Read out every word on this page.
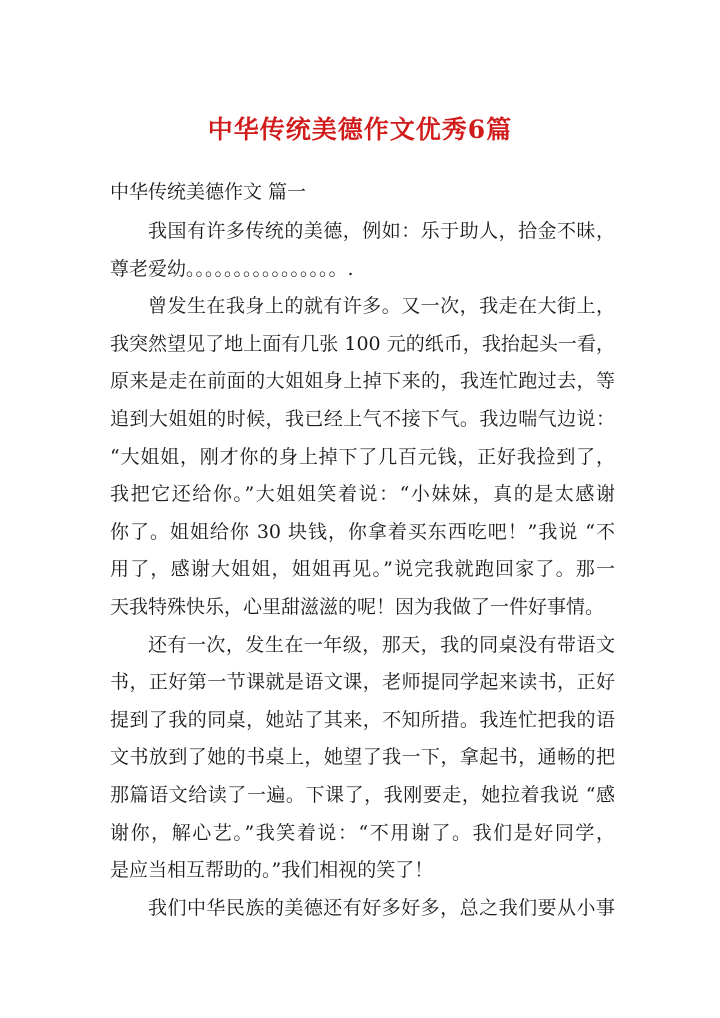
中华传统美德作文优秀6篇
中华传统美德作文 篇一
我国有许多传统的美德，例如：乐于助人，拾金不昧，
尊老爱幼。。。。。。。。。。。。。。。。.
曾发生在我身上的就有许多。又一次，我走在大街上，
我突然望见了地上面有几张 100 元的纸币，我抬起头一看，
原来是走在前面的大姐姐身上掉下来的，我连忙跑过去，等
追到大姐姐的时候，我已经上气不接下气。我边喘气边说：
“大姐姐，刚才你的身上掉下了几百元钱，正好我捡到了，
我把它还给你。”大姐姐笑着说：“小妹妹，真的是太感谢
你了。姐姐给你 30 块钱，你拿着买东西吃吧！”我说 “不
用了，感谢大姐姐，姐姐再见。”说完我就跑回家了。那一
天我特殊快乐，心里甜滋滋的呢！因为我做了一件好事情。
还有一次，发生在一年级，那天，我的同桌没有带语文
书，正好第一节课就是语文课，老师提同学起来读书，正好
提到了我的同桌，她站了其来，不知所措。我连忙把我的语
文书放到了她的书桌上，她望了我一下，拿起书，通畅的把
那篇语文给读了一遍。下课了，我刚要走，她拉着我说 “感
谢你，解心艺。”我笑着说：“不用谢了。我们是好同学，
是应当相互帮助的。”我们相视的笑了！
我们中华民族的美德还有好多好多，总之我们要从小事
